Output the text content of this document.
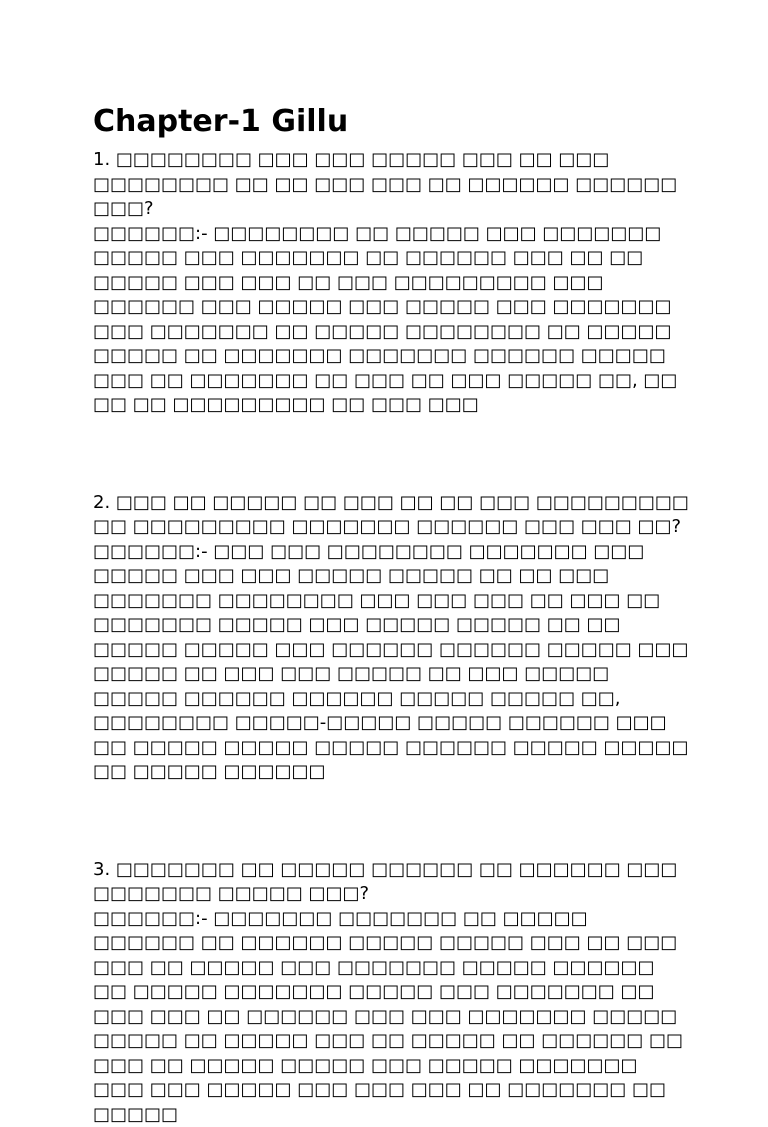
Chapter-1 Gillu

1. □□□□□□□□ □□□ □□□ □□□□□ □□□ □□ □□□ □□□□□□□□ □□ □□ □□□ □□□ □□ □□□□□□ □□□□□□ □□□?

□□□□□□:- □□□□□□□□ □□ □□□□□ □□□ □□□□□□□ □□□□□ □□□ □□□□□□□ □□ □□□□□□ □□□ □□ □□ □□□□□ □□□ □□□ □□ □□□ □□□□□□□□□ □□□ □□□□□□ □□□ □□□□□ □□□ □□□□□ □□□ □□□□□□□ □□□ □□□□□□□ □□ □□□□□ □□□□□□□□ □□ □□□□□ □□□□□ □□ □□□□□□□ □□□□□□□ □□□□□□ □□□□□ □□□ □□ □□□□□□□ □□ □□□ □□ □□□ □□□□□ □□, □□ □□ □□ □□□□□□□□□ □□ □□□ □□□

2. □□□ □□ □□□□□ □□ □□□ □□ □□ □□□ □□□□□□□□□ □□ □□□□□□□□□ □□□□□□□ □□□□□□ □□□ □□□ □□?

□□□□□□:- □□□ □□□ □□□□□□□□ □□□□□□□ □□□ □□□□□ □□□ □□□ □□□□□ □□□□□ □□ □□ □□□ □□□□□□□ □□□□□□□□ □□□ □□□ □□□ □□ □□□ □□ □□□□□□□ □□□□□ □□□ □□□□□ □□□□□ □□ □□ □□□□□ □□□□□ □□□ □□□□□□ □□□□□□ □□□□□ □□□ □□□□□ □□ □□□ □□□ □□□□□ □□ □□□ □□□□□ □□□□□ □□□□□□ □□□□□□ □□□□□ □□□□□ □□, □□□□□□□□ □□□□□-□□□□□ □□□□□ □□□□□□ □□□ □□ □□□□□ □□□□□ □□□□□ □□□□□□ □□□□□ □□□□□ □□ □□□□□ □□□□□□

3. □□□□□□□ □□ □□□□□ □□□□□□ □□ □□□□□□ □□□ □□□□□□□ □□□□□ □□□?

□□□□□□:- □□□□□□□ □□□□□□□ □□ □□□□□ □□□□□□ □□ □□□□□□ □□□□□ □□□□□ □□□ □□ □□□ □□□ □□ □□□□□ □□□ □□□□□□□ □□□□□ □□□□□□ □□ □□□□□ □□□□□□□ □□□□□ □□□ □□□□□□□ □□ □□□ □□□ □□ □□□□□□ □□□ □□□ □□□□□□□ □□□□□ □□□□□ □□ □□□□□ □□□ □□ □□□□□ □□ □□□□□□ □□ □□□ □□ □□□□□ □□□□□ □□□ □□□□□ □□□□□□□ □□□ □□□ □□□□□ □□□ □□□ □□□ □□ □□□□□□□ □□ □□□□□
